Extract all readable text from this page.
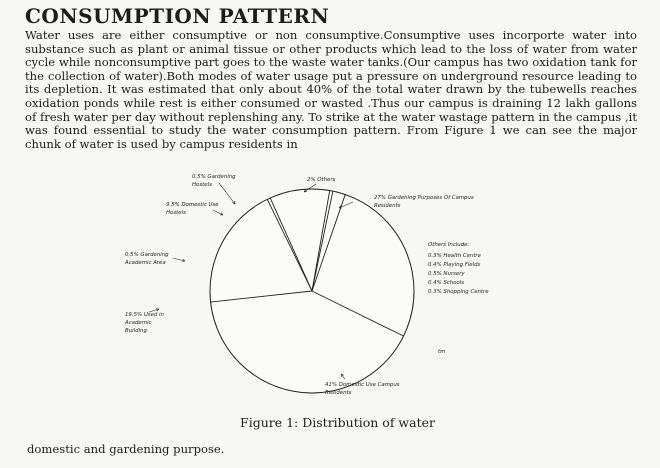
CONSUMPTION PATTERN
Water uses are either consumptive or non consumptive.Consumptive uses incorporte water into substance such as plant or animal tissue or other products which lead to the loss of water from water cycle while nonconsumptive part goes to the waste water tanks.(Our campus has two oxidation tank for the collection of water).Both modes of water usage put a pressure on underground resource leading to its depletion. It was estimated that only about 40% of the total water drawn by the tubewells reaches oxidation ponds while rest is either consumed or wasted .Thus our campus is draining 12 lakh gallons of fresh water per day without replenshing any. To strike at the water wastage pattern in the campus ,it was found essential to study the water consumption pattern. From Figure 1 we can see the major chunk of water is used by campus residents in
27% Gardening Purposes Of Campus
Residents
41% Domestic Use Campus
Residents
19.5% Used in
Academic
Building
0.5% Gardening
Academic Area
9.5% Domestic Use
Hostels
0.5% Gardening
Hostels
2% Others
Others Include:
0.3% Health Centre
0.4% Playing Fields
0.5% Nursery
0.4% Schools
0.3% Shopping Centre
tm
Figure 1: Distribution of water
domestic and gardening purpose.
